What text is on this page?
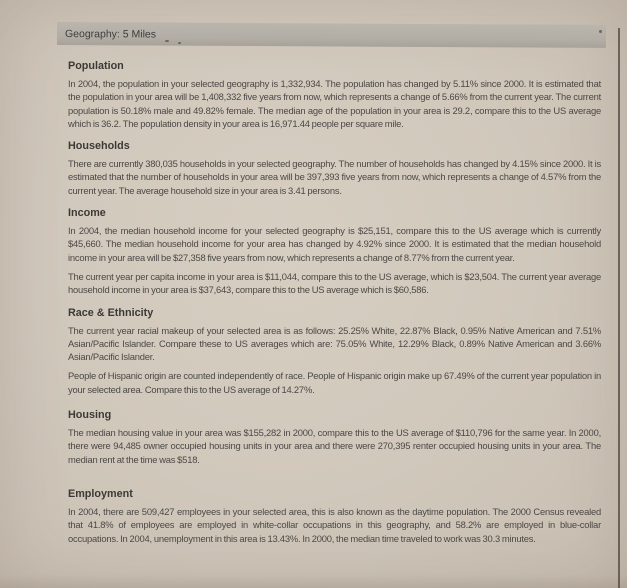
Geography: 5 Miles
Population

In 2004, the population in your selected geography is 1,332,934. The population has changed by 5.11% since 2000. It is estimated that the population in your area will be 1,408,332 five years from now, which represents a change of 5.66% from the current year. The current population is 50.18% male and 49.82% female. The median age of the population in your area is 29.2, compare this to the US average which is 36.2. The population density in your area is 16,971.44 people per square mile.

Households

There are currently 380,035 households in your selected geography. The number of households has changed by 4.15% since 2000. It is estimated that the number of households in your area will be 397,393 five years from now, which represents a change of 4.57% from the current year. The average household size in your area is 3.41 persons.

Income

In 2004, the median household income for your selected geography is $25,151, compare this to the US average which is currently $45,660. The median household income for your area has changed by 4.92% since 2000. It is estimated that the median household income in your area will be $27,358 five years from now, which represents a change of 8.77% from the current year.

The current year per capita income in your area is $11,044, compare this to the US average, which is $23,504. The current year average household income in your area is $37,643, compare this to the US average which is $60,586.

Race & Ethnicity

The current year racial makeup of your selected area is as follows: 25.25% White, 22.87% Black, 0.95% Native American and 7.51% Asian/Pacific Islander. Compare these to US averages which are: 75.05% White, 12.29% Black, 0.89% Native American and 3.66% Asian/Pacific Islander.

People of Hispanic origin are counted independently of race. People of Hispanic origin make up 67.49% of the current year population in your selected area. Compare this to the US average of 14.27%.

Housing

The median housing value in your area was $155,282 in 2000, compare this to the US average of $110,796 for the same year. In 2000, there were 94,485 owner occupied housing units in your area and there were 270,395 renter occupied housing units in your area. The median rent at the time was $518.

Employment

In 2004, there are 509,427 employees in your selected area, this is also known as the daytime population. The 2000 Census revealed that 41.8% of employees are employed in white-collar occupations in this geography, and 58.2% are employed in blue-collar occupations. In 2004, unemployment in this area is 13.43%. In 2000, the median time traveled to work was 30.3 minutes.
